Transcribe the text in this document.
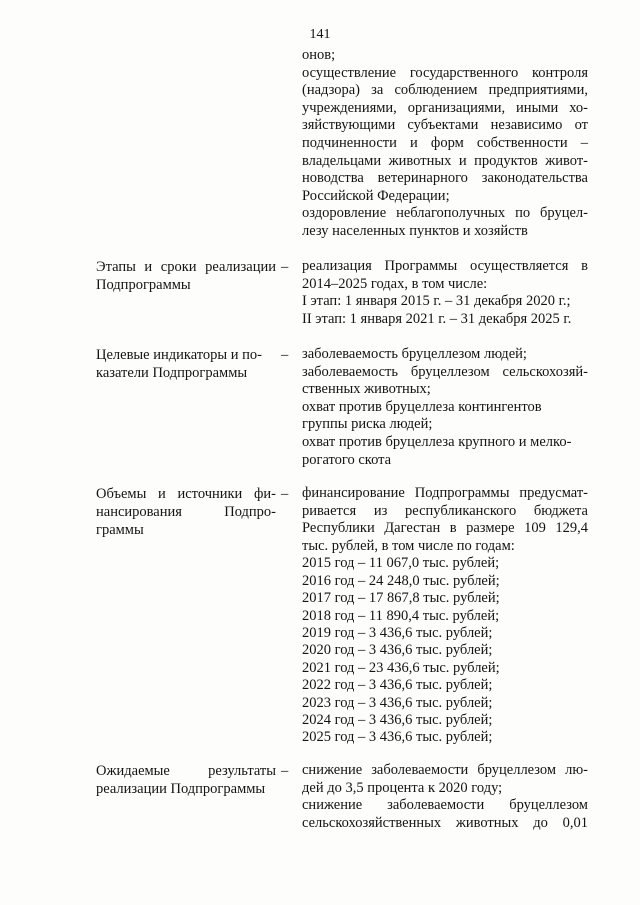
141
онов;
осуществление государственного контроля
(надзора) за соблюдением предприятиями,
учреждениями, организациями, иными хо-
зяйствующими субъектами независимо от
подчиненности и форм собственности –
владельцами животных и продуктов живот-
новодства ветеринарного законодательства
Российской Федерации;
оздоровление неблагополучных по бруцел-
лезу населенных пунктов и хозяйств
Этапы и сроки реализации
Подпрограммы
– реализация Программы осуществляется в
2014–2025 годах, в том числе:
I этап: 1 января 2015 г. – 31 декабря 2020 г.;
II этап: 1 января 2021 г. – 31 декабря 2025 г.
Целевые индикаторы и по-
казатели Подпрограммы
– заболеваемость бруцеллезом людей;
заболеваемость бруцеллезом сельскохозяй-
ственных животных;
охват против бруцеллеза контингентов
группы риска людей;
охват против бруцеллеза крупного и мелко-
рогатого скота
Объемы и источники фи-
нансирования Подпро-
граммы
– финансирование Подпрограммы предусмат-
ривается из республиканского бюджета
Республики Дагестан в размере 109 129,4
тыс. рублей, в том числе по годам:
2015 год – 11 067,0 тыс. рублей;
2016 год – 24 248,0 тыс. рублей;
2017 год – 17 867,8 тыс. рублей;
2018 год – 11 890,4 тыс. рублей;
2019 год – 3 436,6 тыс. рублей;
2020 год – 3 436,6 тыс. рублей;
2021 год – 23 436,6 тыс. рублей;
2022 год – 3 436,6 тыс. рублей;
2023 год – 3 436,6 тыс. рублей;
2024 год – 3 436,6 тыс. рублей;
2025 год – 3 436,6 тыс. рублей;
Ожидаемые результаты
реализации Подпрограммы
– снижение заболеваемости бруцеллезом лю-
дей до 3,5 процента к 2020 году;
снижение заболеваемости бруцеллезом
сельскохозяйственных животных до 0,01
